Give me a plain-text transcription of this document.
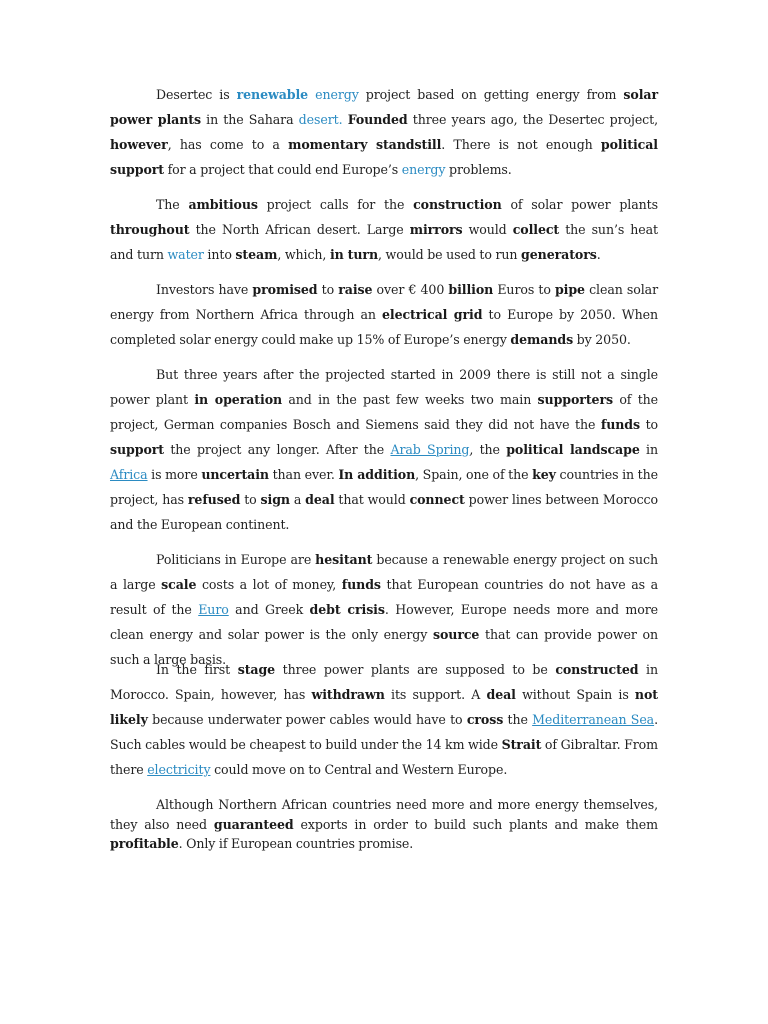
Desertec is renewable energy project based on getting energy from solar power plants in the Sahara desert. Founded three years ago, the Desertec project, however, has come to a momentary standstill. There is not enough political support for a project that could end Europe’s energy problems.

The ambitious project calls for the construction of solar power plants throughout the North African desert. Large mirrors would collect the sun’s heat and turn water into steam, which, in turn, would be used to run generators.

Investors have promised to raise over € 400 billion Euros to pipe clean solar energy from Northern Africa through an electrical grid to Europe by 2050. When completed solar energy could make up 15% of Europe’s energy demands by 2050.

But three years after the projected started in 2009 there is still not a single power plant in operation and in the past few weeks two main supporters of the project, German companies Bosch and Siemens said they did not have the funds to support the project any longer. After the Arab Spring, the political landscape in Africa is more uncertain than ever. In addition, Spain, one of the key countries in the project, has refused to sign a deal that would connect power lines between Morocco and the European continent.

Politicians in Europe are hesitant because a renewable energy project on such a large scale costs a lot of money, funds that European countries do not have as a result of the Euro and Greek debt crisis. However, Europe needs more and more clean energy and solar power is the only energy source that can provide power on such a large basis.

In the first stage three power plants are supposed to be constructed in Morocco. Spain, however, has withdrawn its support. A deal without Spain is not likely because underwater power cables would have to cross the Mediterranean Sea. Such cables would be cheapest to build under the 14 km wide Strait of Gibraltar. From there electricity could move on to Central and Western Europe.

Although Northern African countries need more and more energy themselves, they also need guaranteed exports in order to build such plants and make them profitable. Only if European countries promise.
